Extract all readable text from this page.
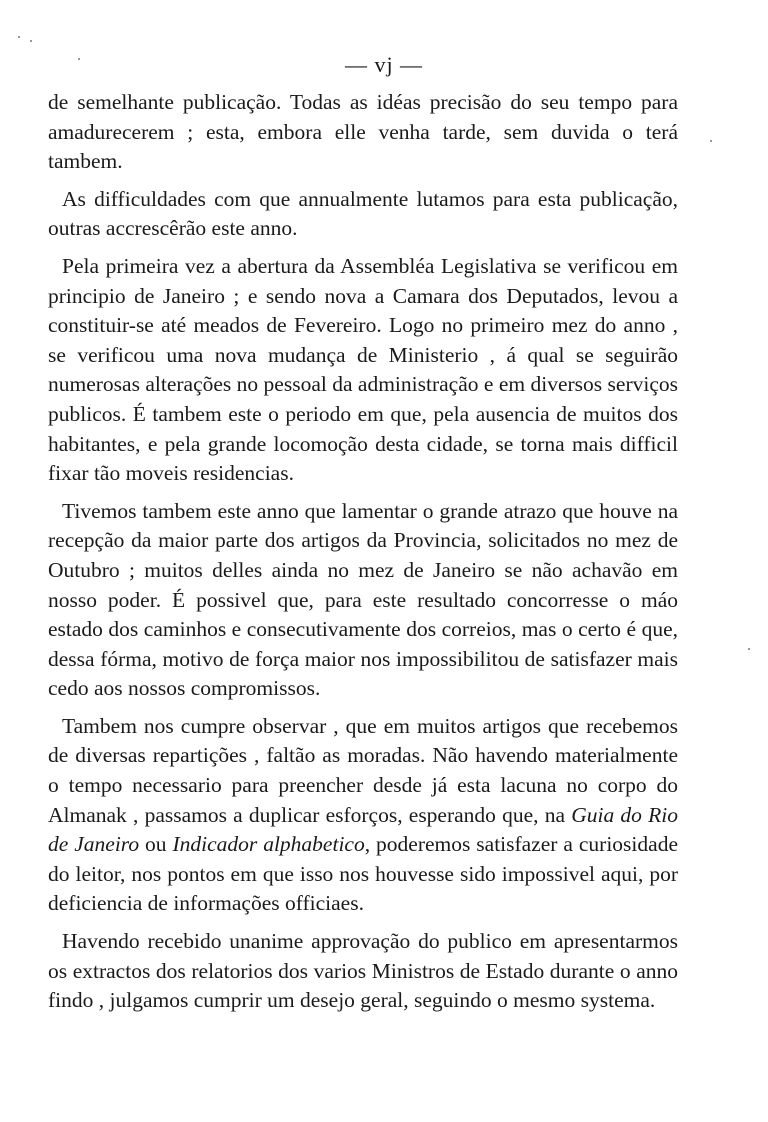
— vj —

de semelhante publicação. Todas as idéas precisão do seu tempo para amadurecerem ; esta, embora elle venha tarde, sem duvida o terá tambem.

As difficuldades com que annualmente lutamos para esta publicação, outras accrescêrão este anno.

Pela primeira vez a abertura da Assembléa Legislativa se verificou em principio de Janeiro ; e sendo nova a Camara dos Deputados, levou a constituir-se até meados de Fevereiro. Logo no primeiro mez do anno , se verificou uma nova mudança de Ministerio , á qual se seguirão numerosas alterações no pessoal da administração e em diversos serviços publicos. É tambem este o periodo em que, pela ausencia de muitos dos habitantes, e pela grande locomoção desta cidade, se torna mais difficil fixar tão moveis residencias.

Tivemos tambem este anno que lamentar o grande atrazo que houve na recepção da maior parte dos artigos da Provincia, solicitados no mez de Outubro ; muitos delles ainda no mez de Janeiro se não achavão em nosso poder. É possivel que, para este resultado concorresse o máo estado dos caminhos e consecutivamente dos correios, mas o certo é que, dessa fórma, motivo de força maior nos impossibilitou de satisfazer mais cedo aos nossos compromissos.

Tambem nos cumpre observar , que em muitos artigos que recebemos de diversas repartições , faltão as moradas. Não havendo materialmente o tempo necessario para preencher desde já esta lacuna no corpo do Almanak , passamos a duplicar esforços, esperando que, na Guia do Rio de Janeiro ou Indicador alphabetico, poderemos satisfazer a curiosidade do leitor, nos pontos em que isso nos houvesse sido impossivel aqui, por deficiencia de informações officiaes.

Havendo recebido unanime approvação do publico em apresentarmos os extractos dos relatorios dos varios Ministros de Estado durante o anno findo , julgamos cumprir um desejo geral, seguindo o mesmo systema.
